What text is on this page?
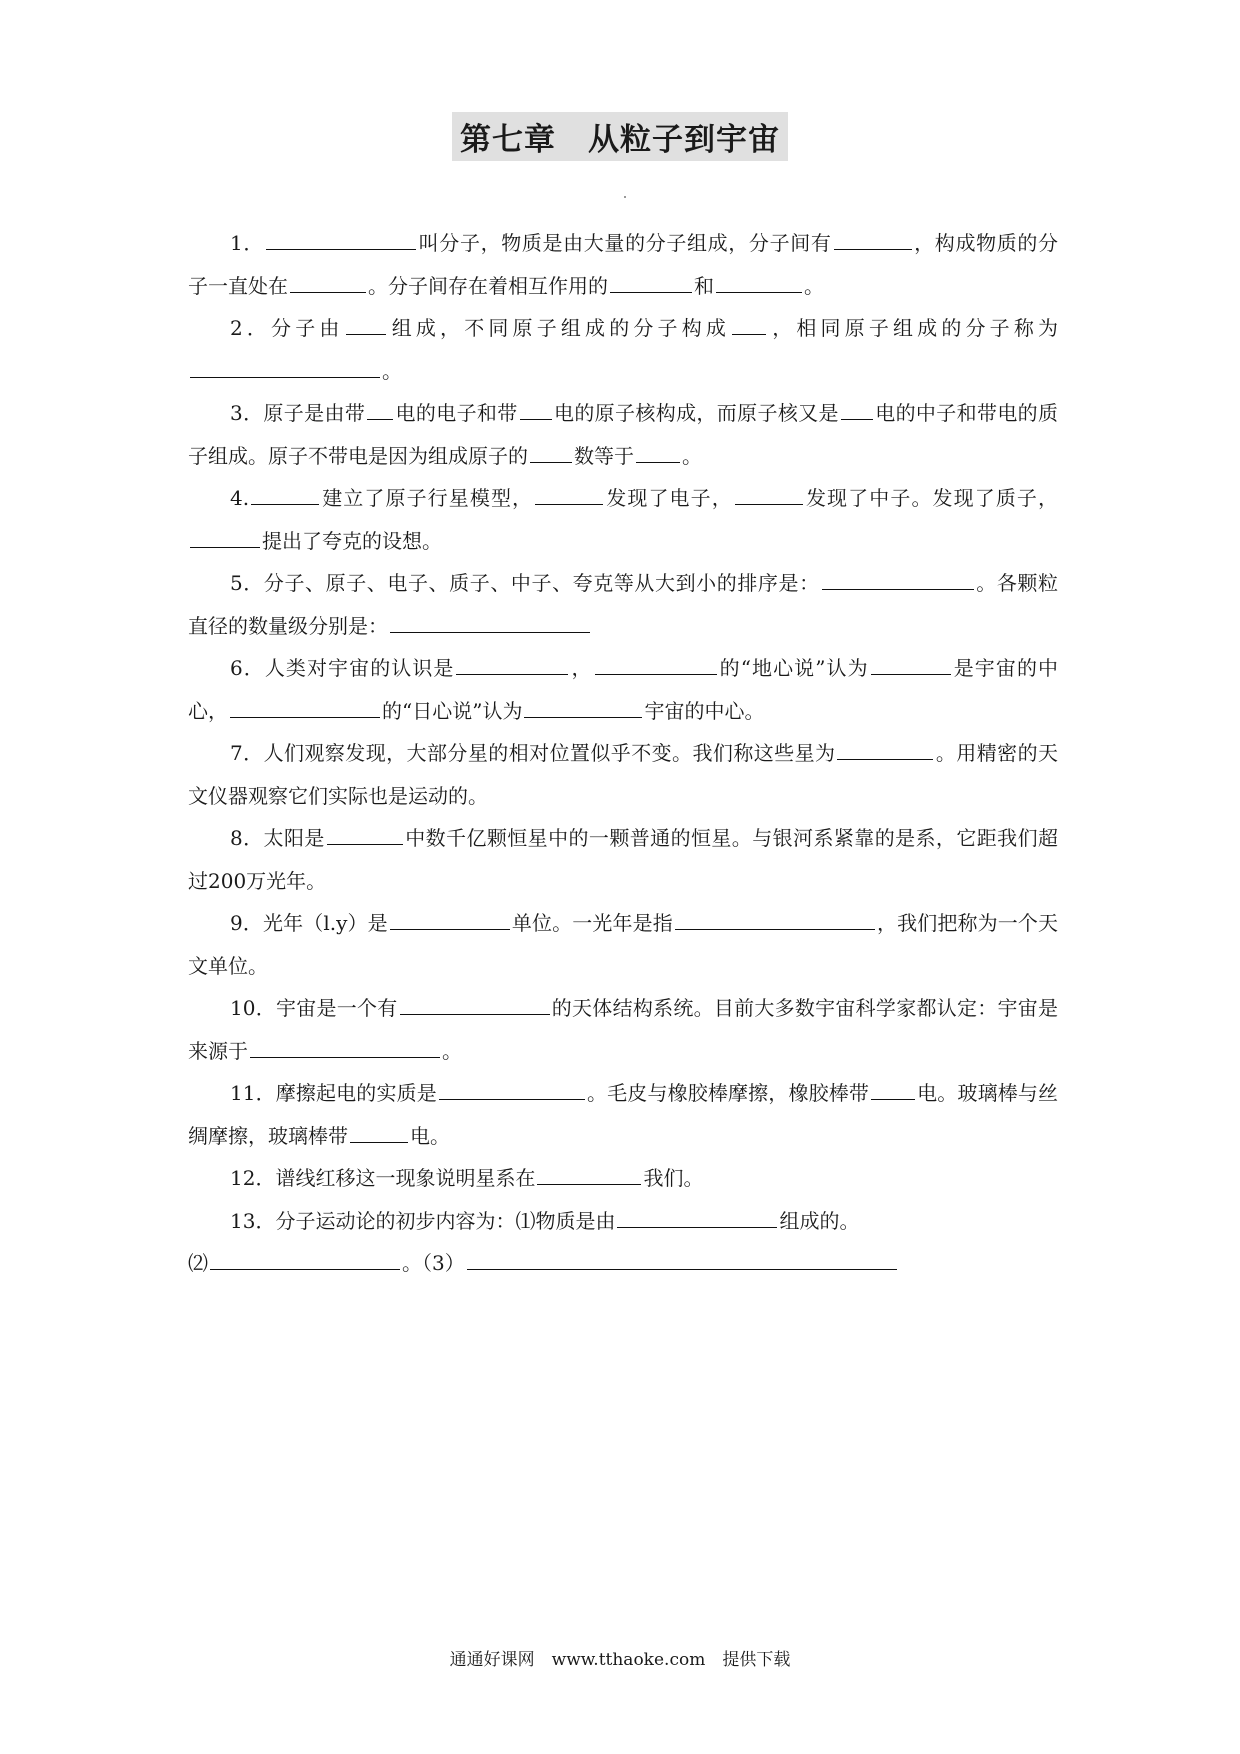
第七章　从粒子到宇宙

1．	叫分子，物质是由大量的分子组成，分子间有	，构成物质的分子一直处在	。分子间存在着相互作用的	和	。

2．分子由 组成，不同原子组成的分子构成 ，相同原子组成的分子称为。

3．原子是由带 电的电子和带 电的原子核构成，而原子核又是 电的中子和带电的质子组成。原子不带电是因为组成原子的 数等于 。

4.	建立了原子行星模型，	发现了电子，	发现了中子。发现了质子，提出了夸克的设想。

5．分子、原子、电子、质子、中子、夸克等从大到小的排序是：	。各颗粒直径的数量级分别是：

6．人类对宇宙的认识是	，	的“地心说”认为	是宇宙的中心，	的“日心说”认为	宇宙的中心。

7．人们观察发现，大部分星的相对位置似乎不变。我们称这些星为	。用精密的天文仪器观察它们实际也是运动的。

8．太阳是	中数千亿颗恒星中的一颗普通的恒星。与银河系紧靠的是系，它距我们超过200万光年。

9．光年（l.y）是	单位。一光年是指	，我们把称为一个天文单位。

10．宇宙是一个有	的天体结构系统。目前大多数宇宙科学家都认定：宇宙是来源于	。

11．摩擦起电的实质是	。毛皮与橡胶棒摩擦，橡胶棒带 电。玻璃棒与丝绸摩擦，玻璃棒带	电。

12．谱线红移这一现象说明星系在	我们。

13．分子运动论的初步内容为：⑴物质是由	组成的。
⑵	。（3）

通通好课网　www.tthaoke.com　提供下载
